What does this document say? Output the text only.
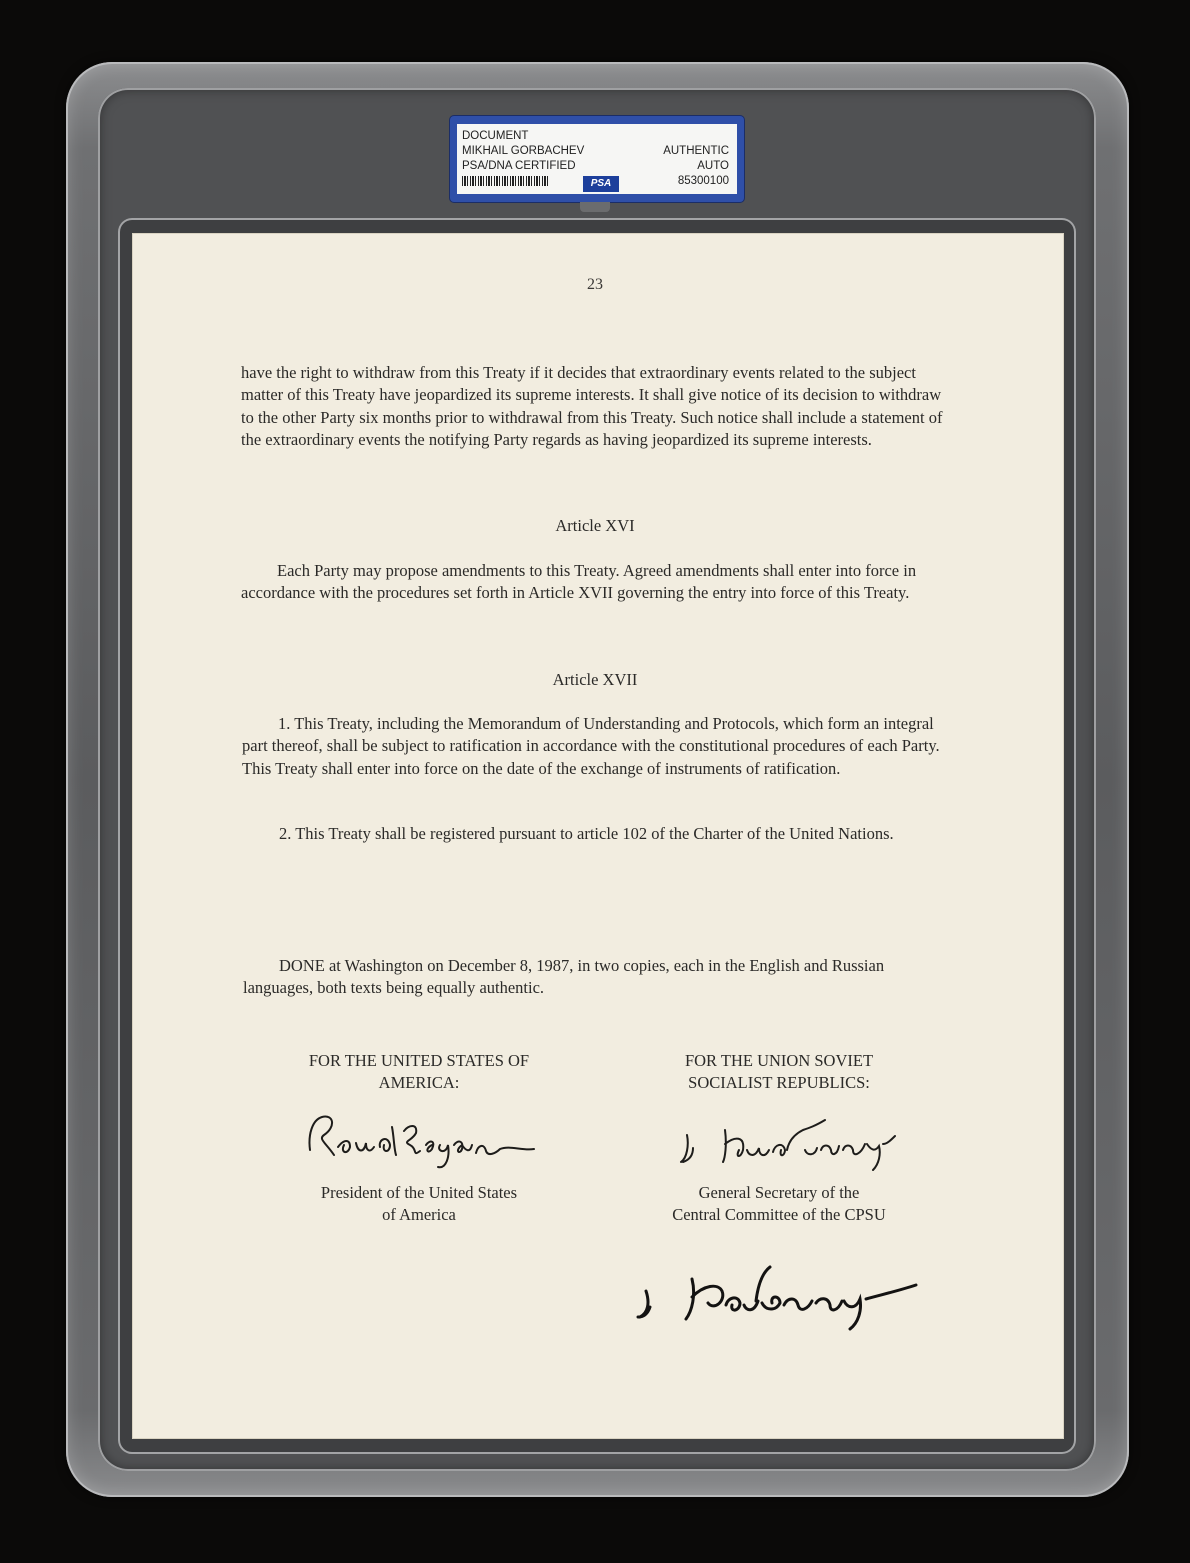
DOCUMENT
MIKHAIL GORBACHEV
PSA/DNA CERTIFIED
AUTHENTIC
AUTO
85300100
PSA
23
have the right to withdraw from this Treaty if it decides that extraordinary events related to the subject matter of this Treaty have jeopardized its supreme interests. It shall give notice of its decision to withdraw to the other Party six months prior to withdrawal from this Treaty. Such notice shall include a statement of the extraordinary events the notifying Party regards as having jeopardized its supreme interests.
Article XVI
Each Party may propose amendments to this Treaty. Agreed amendments shall enter into force in accordance with the procedures set forth in Article XVII governing the entry into force of this Treaty.
Article XVII
1. This Treaty, including the Memorandum of Understanding and Protocols, which form an integral part thereof, shall be subject to ratification in accordance with the constitutional procedures of each Party. This Treaty shall enter into force on the date of the exchange of instruments of ratification.
2. This Treaty shall be registered pursuant to article 102 of the Charter of the United Nations.
DONE at Washington on December 8, 1987, in two copies, each in the English and Russian languages, both texts being equally authentic.
FOR THE UNITED STATES OF
AMERICA:
FOR THE UNION SOVIET
SOCIALIST REPUBLICS:
President of the United States
of America
General Secretary of the
Central Committee of the CPSU
